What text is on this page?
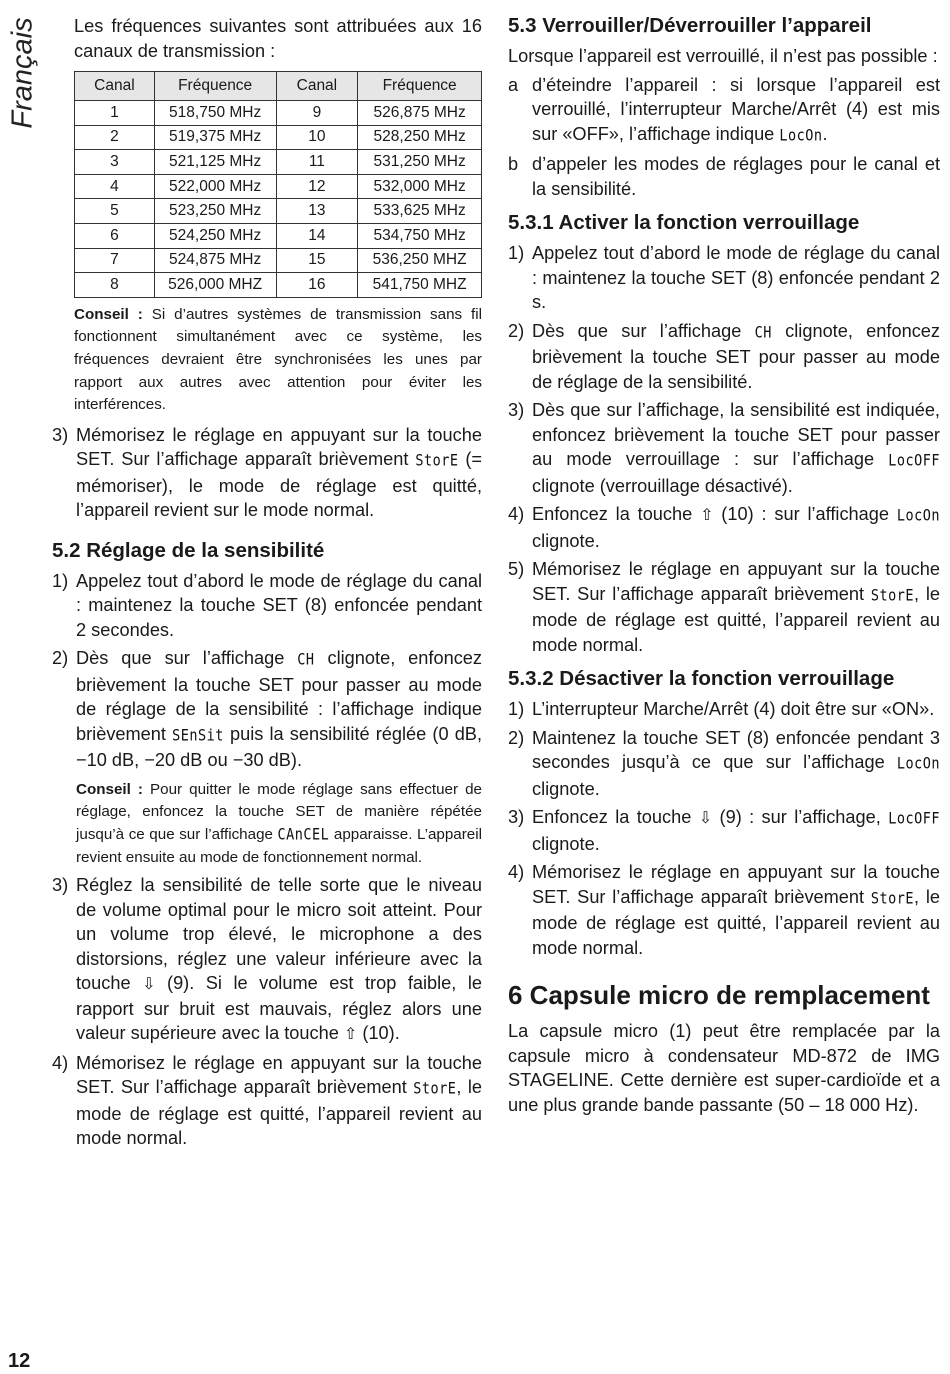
Français Les fréquences suivantes sont attribuées aux 16 canaux de transmission :

Canal	Fréquence	Canal	Fréquence
1	518,750 MHz	9	526,875 MHz
2	519,375 MHz	10	528,250 MHz
3	521,125 MHz	11	531,250 MHz
4	522,000 MHz	12	532,000 MHz
5	523,250 MHz	13	533,625 MHz
6	524,250 MHz	14	534,750 MHz
7	524,875 MHz	15	536,250 MHZ
8	526,000 MHZ	16	541,750 MHZ

Conseil : Si d’autres systèmes de transmission sans fil fonctionnent simultanément avec ce système, les fréquences devraient être synchronisées les unes par rapport aux autres avec attention pour éviter les interférences.

3) Mémorisez le réglage en appuyant sur la touche SET. Sur l’affichage apparaît brièvement StorE (= mémoriser), le mode de réglage est quitté, l’appareil revient sur le mode normal.
5.2 Réglage de la sensibilité
1) Appelez tout d’abord le mode de réglage du canal : maintenez la touche SET (8) enfoncée pendant 2 secondes.
2) Dès que sur l’affichage CH clignote, enfoncez brièvement la touche SET pour passer au mode de réglage de la sensibilité : l’affichage indique brièvement SEnSit puis la sensibilité réglée (0 dB, −10 dB, −20 dB ou −30 dB).

Conseil : Pour quitter le mode réglage sans effectuer de réglage, enfoncez la touche SET de manière répétée jusqu’à ce que sur l’affichage CAnCEL apparaisse. L’appareil revient ensuite au mode de fonctionnement normal.

3) Réglez la sensibilité de telle sorte que le niveau de volume optimal pour le micro soit atteint. Pour un volume trop élevé, le microphone a des distorsions, réglez une valeur inférieure avec la touche ⇩ (9). Si le volume est trop faible, le rapport sur bruit est mauvais, réglez alors une valeur supérieure avec la touche ⇧ (10).
4) Mémorisez le réglage en appuyant sur la touche SET. Sur l’affichage apparaît brièvement StorE, le mode de réglage est quitté, l’appareil revient au mode normal.
5.3 Verrouiller/Déverrouiller l’appareil

Lorsque l’appareil est verrouillé, il n’est pas possible :

a d’éteindre l’appareil : si lorsque l’appareil est verrouillé, l’interrupteur Marche/Arrêt (4) est mis sur «OFF», l’affichage indique LocOn.
b d’appeler les modes de réglages pour le canal et la sensibilité.
5.3.1 Activer la fonction verrouillage
1) Appelez tout d’abord le mode de réglage du canal : maintenez la touche SET (8) enfoncée pendant 2 s.
2) Dès que sur l’affichage CH clignote, enfoncez brièvement la touche SET pour passer au mode de réglage de la sensibilité.
3) Dès que sur l’affichage, la sensibilité est indiquée, enfoncez brièvement la touche SET pour passer au mode verrouillage : sur l’affichage LocOFF clignote (verrouillage désactivé).
4) Enfoncez la touche ⇧ (10) : sur l’affichage LocOn clignote.
5) Mémorisez le réglage en appuyant sur la touche SET. Sur l’affichage apparaît brièvement StorE, le mode de réglage est quitté, l’appareil revient au mode normal.
5.3.2 Désactiver la fonction verrouillage
1) L’interrupteur Marche/Arrêt (4) doit être sur «ON».
2) Maintenez la touche SET (8) enfoncée pendant 3 secondes jusqu’à ce que sur l’affichage LocOn clignote.
3) Enfoncez la touche ⇩ (9) : sur l’affichage, LocOFF clignote.
4) Mémorisez le réglage en appuyant sur la touche SET. Sur l’affichage apparaît brièvement StorE, le mode de réglage est quitté, l’appareil revient au mode normal.
6 Capsule micro de remplacement

La capsule micro (1) peut être remplacée par la capsule micro à condensateur MD-872 de IMG STAGELINE. Cette dernière est super-cardioïde et a une plus grande bande passante (50 – 18 000 Hz).

12
